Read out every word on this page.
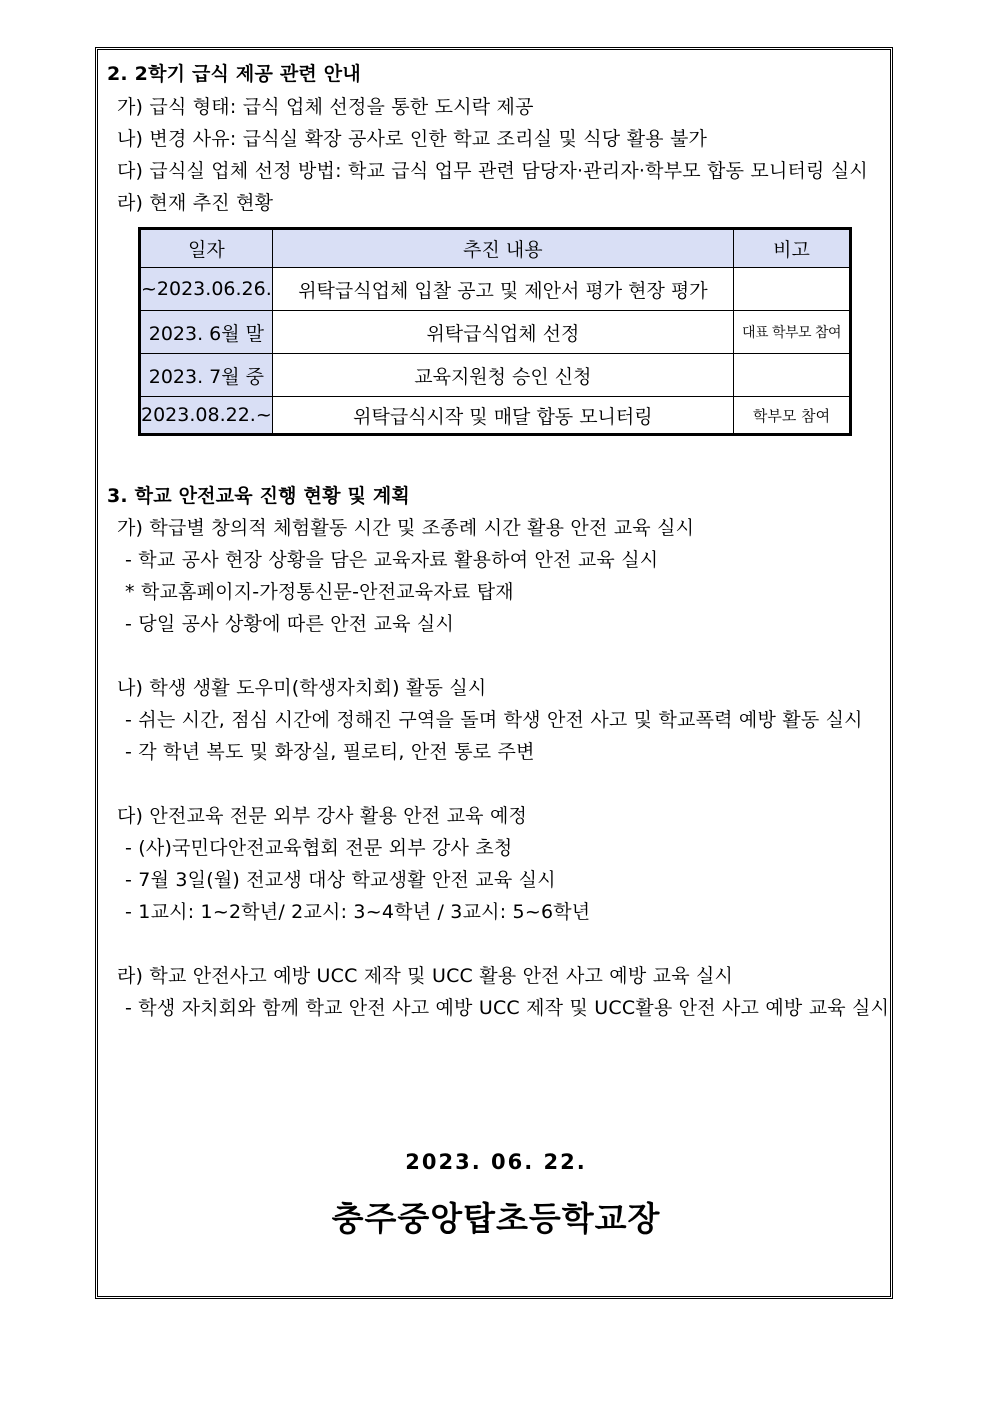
2. 2학기 급식 제공 관련 안내
가) 급식 형태: 급식 업체 선정을 통한 도시락 제공
나) 변경 사유: 급식실 확장 공사로 인한 학교 조리실 및 식당 활용 불가
다) 급식실 업체 선정 방법: 학교 급식 업무 관련 담당자·관리자·학부모 합동 모니터링 실시
라) 현재 추진 현황
일자	추진 내용	비고
~2023.06.26.	위탁급식업체 입찰 공고 및 제안서 평가 현장 평가	
2023. 6월 말	위탁급식업체 선정	대표 학부모 참여
2023. 7월 중	교육지원청 승인 신청	
2023.08.22.~	위탁급식시작 및 매달 합동 모니터링	학부모 참여
3. 학교 안전교육 진행 현황 및 계획
가) 학급별 창의적 체험활동 시간 및 조종례 시간 활용 안전 교육 실시
- 학교 공사 현장 상황을 담은 교육자료 활용하여 안전 교육 실시
* 학교홈페이지-가정통신문-안전교육자료 탑재
- 당일 공사 상황에 따른 안전 교육 실시
나) 학생 생활 도우미(학생자치회) 활동 실시
- 쉬는 시간, 점심 시간에 정해진 구역을 돌며 학생 안전 사고 및 학교폭력 예방 활동 실시
- 각 학년 복도 및 화장실, 필로티, 안전 통로 주변
다) 안전교육 전문 외부 강사 활용 안전 교육 예정
- (사)국민다안전교육협회 전문 외부 강사 초청
- 7월 3일(월) 전교생 대상 학교생활 안전 교육 실시
- 1교시: 1~2학년/ 2교시: 3~4학년 / 3교시: 5~6학년
라) 학교 안전사고 예방 UCC 제작 및 UCC 활용 안전 사고 예방 교육 실시
- 학생 자치회와 함께 학교 안전 사고 예방 UCC 제작 및 UCC활용 안전 사고 예방 교육 실시
2023. 06. 22.
충주중앙탑초등학교장
